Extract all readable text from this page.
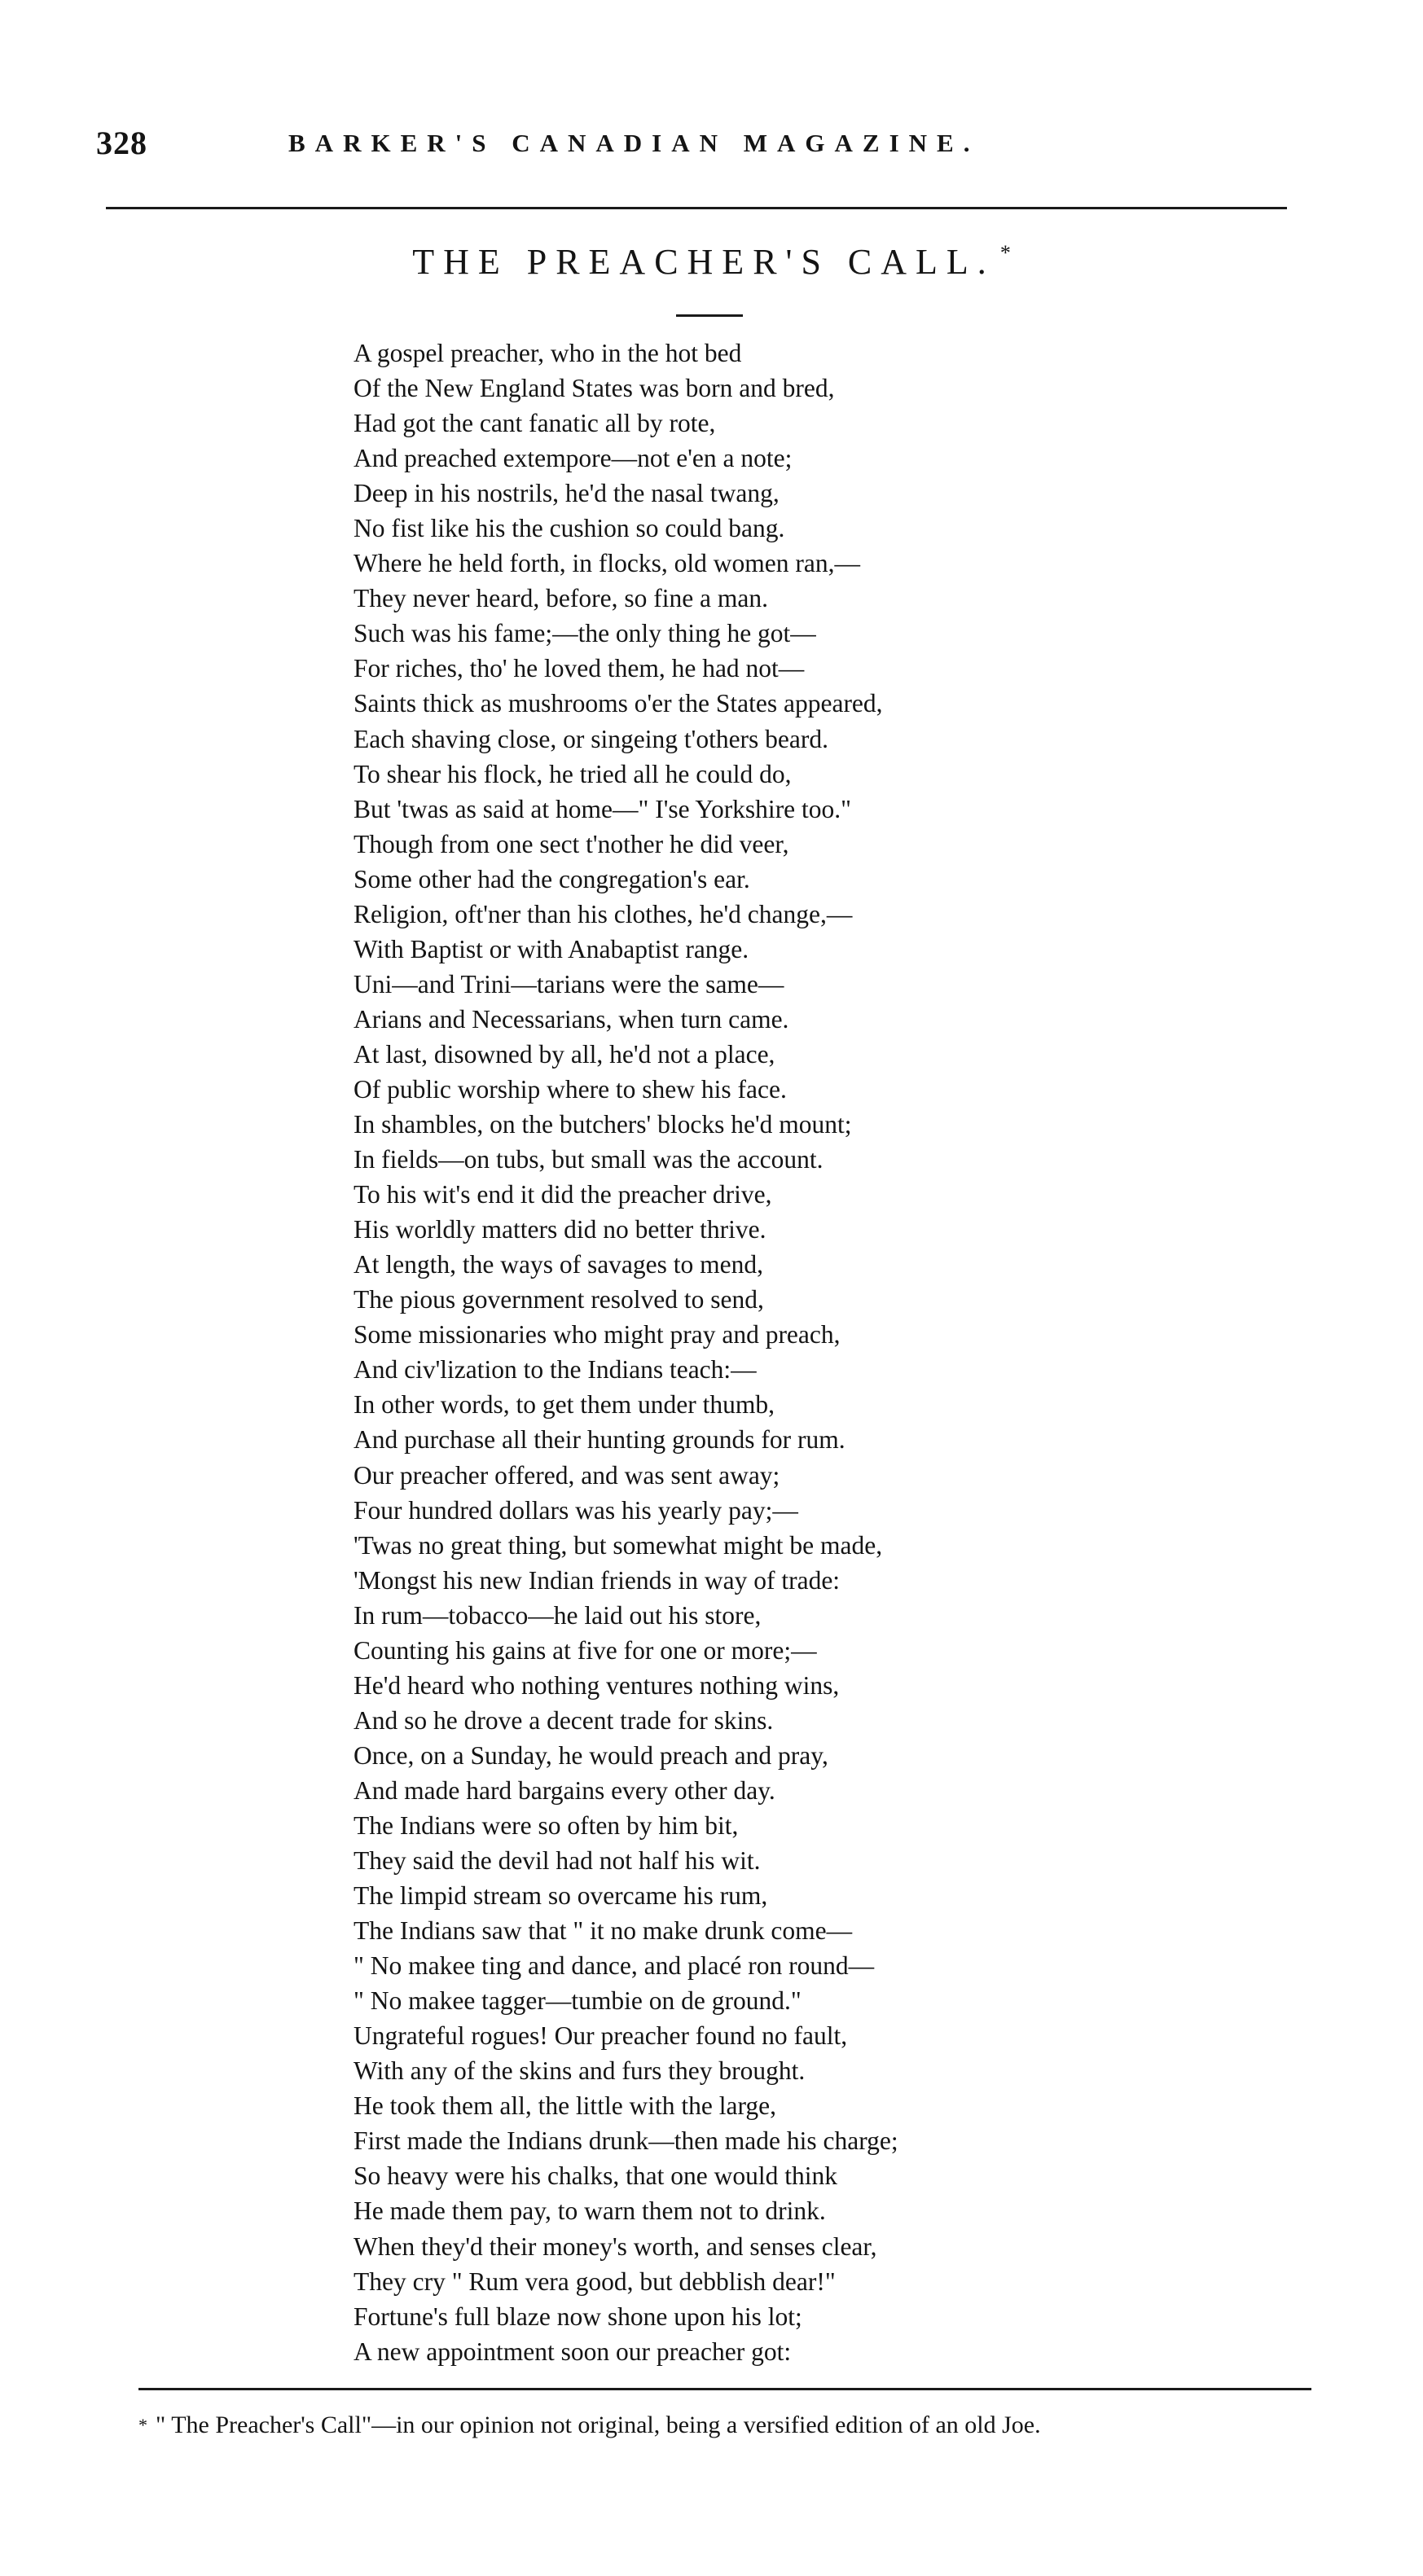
328	BARKER'S CANADIAN MAGAZINE.
THE PREACHER'S CALL. *
A gospel preacher, who in the hot bed
Of the New England States was born and bred,
Had got the cant fanatic all by rote,
And preached extempore—not e'en a note;
Deep in his nostrils, he'd the nasal twang,
No fist like his the cushion so could bang.
Where he held forth, in flocks, old women ran,—
They never heard, before, so fine a man.
Such was his fame;—the only thing he got—
For riches, tho' he loved them, he had not—
Saints thick as mushrooms o'er the States appeared,
Each shaving close, or singeing t'others beard.
To shear his flock, he tried all he could do,
But 'twas as said at home—" I'se Yorkshire too."
Though from one sect t'nother he did veer,
Some other had the congregation's ear.
Religion, oft'ner than his clothes, he'd change,—
With Baptist or with Anabaptist range.
Uni—and Trini—tarians were the same—
Arians and Necessarians, when turn came.
At last, disowned by all, he'd not a place,
Of public worship where to shew his face.
In shambles, on the butchers' blocks he'd mount;
In fields—on tubs, but small was the account.
To his wit's end it did the preacher drive,
His worldly matters did no better thrive.
At length, the ways of savages to mend,
The pious government resolved to send,
Some missionaries who might pray and preach,
And civ'lization to the Indians teach:—
In other words, to get them under thumb,
And purchase all their hunting grounds for rum.
Our preacher offered, and was sent away;
Four hundred dollars was his yearly pay;—
'Twas no great thing, but somewhat might be made,
'Mongst his new Indian friends in way of trade:
In rum—tobacco—he laid out his store,
Counting his gains at five for one or more;—
He'd heard who nothing ventures nothing wins,
And so he drove a decent trade for skins.
Once, on a Sunday, he would preach and pray,
And made hard bargains every other day.
The Indians were so often by him bit,
They said the devil had not half his wit.
The limpid stream so overcame his rum,
The Indians saw that " it no make drunk come—
" No makee ting and dance, and placé ron round—
" No makee tagger—tumbie on de ground."
Ungrateful rogues! Our preacher found no fault,
With any of the skins and furs they brought.
He took them all, the little with the large,
First made the Indians drunk—then made his charge;
So heavy were his chalks, that one would think
He made them pay, to warn them not to drink.
When they'd their money's worth, and senses clear,
They cry " Rum vera good, but debblish dear!"
Fortune's full blaze now shone upon his lot;
A new appointment soon our preacher got:

* " The Preacher's Call"—in our opinion not original, being a versified edition of an old Joe.
